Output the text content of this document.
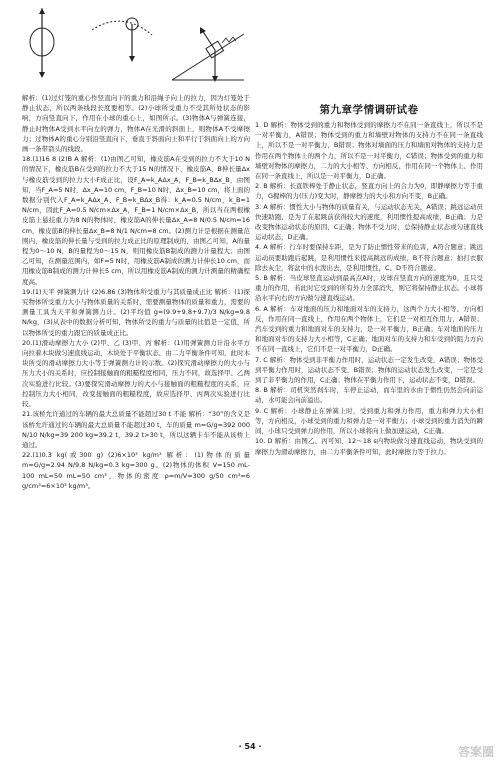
解析：(1)过灯笼的重心作竖直向下的重力和沿绳子向上的拉力，因为灯笼处于静止状态，所以两条线段长度要相等。(2)小球所受重力不受其所处状态的影响，方向竖直向下，作用在小球的重心上，如图所示。(3)物体A与弹簧连接，静止时物体A受到水平向左的弹力，物体A在光滑的斜面上，则物体A不受摩擦力；过物体A的重心分别沿竖直向下、垂直于斜面向上和平行于斜面向上的方向画一条带箭头的线段。

18.(1)16 8 (2)B A 解析：(1)由图乙可知，橡皮筋A在受到的拉力不大于10 N的情况下，橡皮筋B在受到的拉力不大于15 N的情况下，橡皮筋A、B伸长量Δx与橡皮筋受到的拉力大小F成正比，设F_A=k_AΔx_A，F_B=k_BΔx_B，由图知，当F_A=5 N时，Δx_A=10 cm，F_B=10 N时，Δx_B=10 cm，将上面的数据分别代入F_A=k_AΔx_A、F_B=k_BΔx_B得：k_A=0.5 N/cm，k_B=1 N/cm，因此F_A=0.5 N/cm×Δx_A，F_B=1 N/cm×Δx_B，所以当在两根橡皮筋上悬挂重力为8 N的物体时，橡皮筋A的伸长量Δx_A=8 N/0.5 N/cm=16 cm，橡皮筋B的伸长量Δx_B=8 N/1 N/cm=8 cm。(2)测力计是根据在测量范围内，橡皮筋的伸长量与受到的拉力成正比的原理制成的，由图乙可知，A的量程为0～10 N，B的量程为0～15 N，则用橡皮筋B制成的测力计量程大；由图乙可知，在测量范围内，如F=5 N时，用橡皮筋A制成的测力计伸长10 cm，而用橡皮筋B制成的测力计伸长5 cm，所以用橡皮筋A制成的测力计测量的精确程度高。

19.(1)天平 弹簧测力计 (2)6.86 (3)物体所受重力与其质量成正比 解析：(1)探究物体所受重力大小与物体质量的关系时，需要测量物体的质量和重力，需要的测量工具为天平和弹簧测力计。(2)平均值 g=(9.9+9.8+9.7)/3 N/kg=9.8 N/kg，(3)从表中的数据分析可知，物体所受的重力与质量的比值是一定值，所以物体所受的重力跟它的质量成正比。

20.(1)滑动摩擦力大小 (2)甲、乙 (3)甲、丙 解析：(1)用弹簧测力计沿水平方向拉着木块做匀速直线运动，木块处于平衡状态，由二力平衡条件可知，此时木块所受的滑动摩擦力大小等于弹簧测力计的示数。(2)探究滑动摩擦力的大小与压力大小的关系时，应控制接触面的粗糙程度相同，压力不同，故选择甲、乙两次实验进行比较。(3)要探究滑动摩擦力的大小与接触面的粗糙程度的关系，应控制压力大小相同，改变接触面的粗糙程度，故应选择甲、丙两次实验进行比较。

21.该桥允许通过的车辆的最大总质量不能超过30 t 不能 解析：“30”的含义是该桥允许通过的车辆的最大总质量不能超过30 t，车的质量 m=G/g=392 000 N/10 N/kg=39 200 kg=39.2 t，39.2 t>30 t，所以这辆卡车不能从该桥上通过。

22.(1)0.3 kg(或300 g) (2)6×10³ kg/m³ 解析：(1)物体的质量 m=G/g=2.94 N/9.8 N/kg=0.3 kg=300 g。(2)物体的体积 V=150 mL-100 mL=50 mL=50 cm³，物体的密度 ρ=m/V=300 g/50 cm³=6 g/cm³=6×10³ kg/m³。

第九章学情调研试卷

1. D 解析：物体受到的重力和物体受到的摩擦力不在同一条直线上，所以不是一对平衡力，A错误；物体受到的重力和墙壁对物体的支持力不在同一条直线上，所以不是一对平衡力，B错误；物体对墙面的压力和墙面对物体的支持力是作用在两个物体上的两个力，所以不是一对平衡力，C错误；物体受到的重力和墙壁对物体的摩擦力，二力的大小相等、方向相反、作用在同一个物体上、作用在同一条直线上，所以是一对平衡力，D正确。

2. B 解析：长直铁棒处于静止状态，竖直方向上的合力为0，即静摩擦力等于重力，G握棒的力(压力)变大时，静摩擦力的大小和方向不变，B正确。

3. A 解析：惯性大小与物体的质量有关，与运动状态无关，A错误；跳远运动员快速助跑，是为了在起跳前获得较大的速度，利用惯性提高成绩，B正确；力是改变物体运动状态的原因，C正确；物体不受力时，总保持静止状态或匀速直线运动状态，D正确。

4. A 解析：行车时要保持车距，是为了防止惯性带来的危害，A符合题意；跳远运动员要助跑后起跳，是利用惯性来提高跳远的成绩，B不符合题意；拍打衣服除去灰尘，将盆中的水泼出去，是利用惯性，C、D不符合题意。

5. B 解析：当皮球竖直运动到最高点A时，皮球在竖直方向的速度为0，且只受重力的作用，若此时它受到的所有外力全部消失，则它将保持静止状态。小球将沿水平向右的方向做匀速直线运动。

6. A 解析：车对地面的压力和地面对车的支持力，这两个力大小相等、方向相反，作用在同一直线上，作用在两个物体上，它们是一对相互作用力，A错误；汽车受到的重力和地面对车的支持力，是一对平衡力，B正确；车对地面的压力和地面对车的支持力大小相等，C正确；地面对车的支持力和车受到的阻力方向不在同一直线上，它们不是一对平衡力，D正确。

7. C 解析：物体受到非平衡力作用时，运动状态一定发生改变，A错误；物体受到平衡力作用时，运动状态不变，B错误；物体的运动状态发生改变，一定是受到了非平衡力的作用，C正确；物体在平衡力作用下，运动状态不变，D错误。

8. B 解析：司机突然刹车时，车停止运动，而车里的水由于惯性仍然会向前运动，水可能会向前溢出。

9. C 解析：小球静止在弹簧上时，受到重力和弹力作用，重力和弹力大小相等，方向相反，小球受到的重力和弹力是一对平衡力；小球受到的重力消失的瞬间，小球只受到弹力的作用，所以小球将向上做加速运动，C正确。

10. D 解析：由图乙、丙可知，12～18 s内物块做匀速直线运动，物块受到的摩擦力为滑动摩擦力，由二力平衡条件可知，此时摩擦力等于拉力。

· 54 ·	答案圈
